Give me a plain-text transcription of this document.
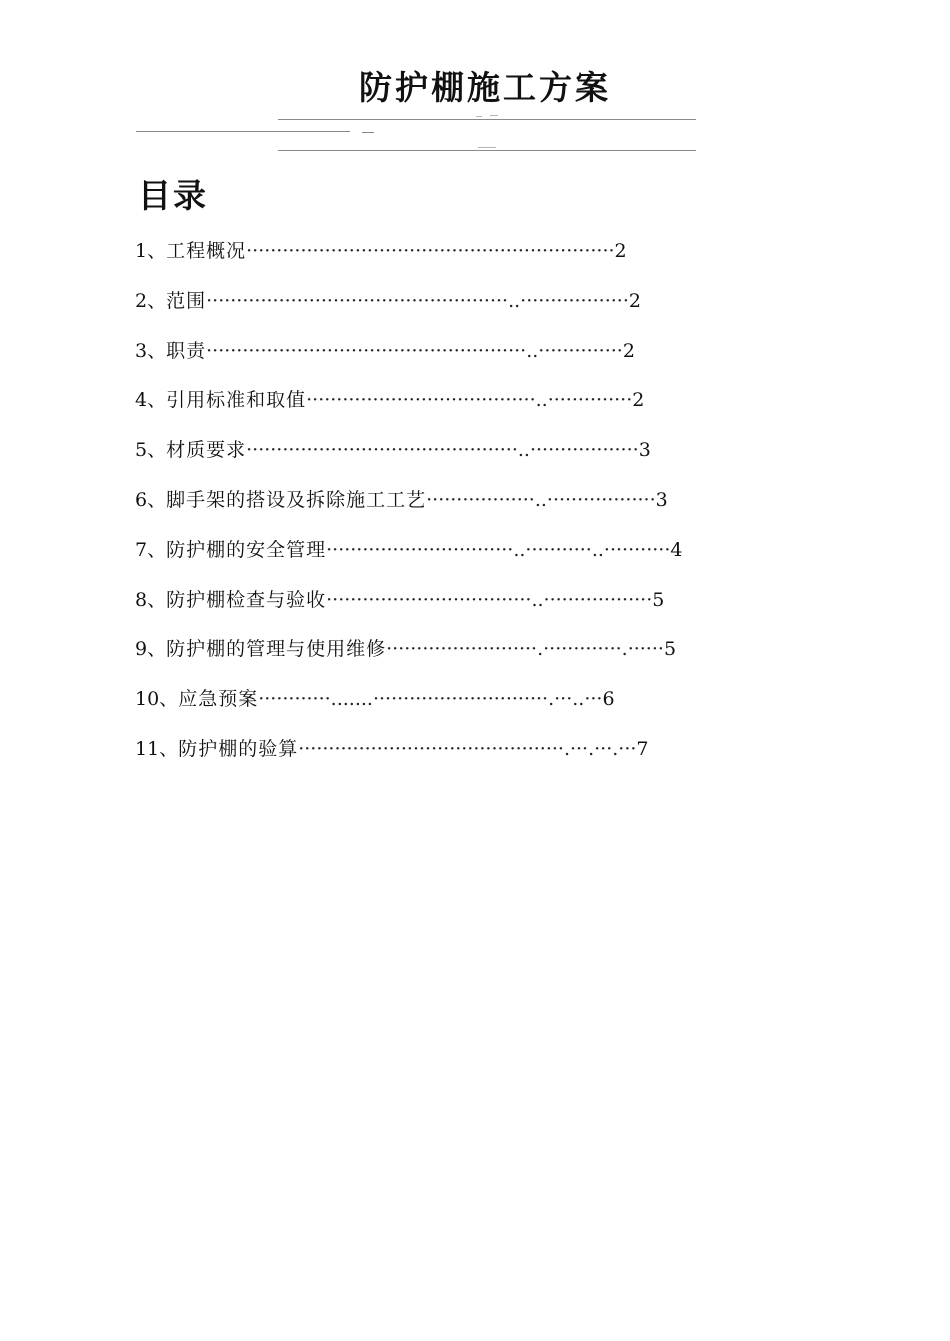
防护棚施工方案
目录
1、工程概况·····························································2
2、范围··················································..··················2
3、职责·····················································..··············2
4、引用标准和取值······································..··············2
5、材质要求·············································..··················3
6、脚手架的搭设及拆除施工工艺··················..··················3
7、防护棚的安全管理·······························..···········..···········4
8、防护棚检查与验收··································..··················5
9、防护棚的管理与使用维修·························.·············.······5
10、应急预案············.......·····························.···..···6
11、防护棚的验算············································.···.···.···7
